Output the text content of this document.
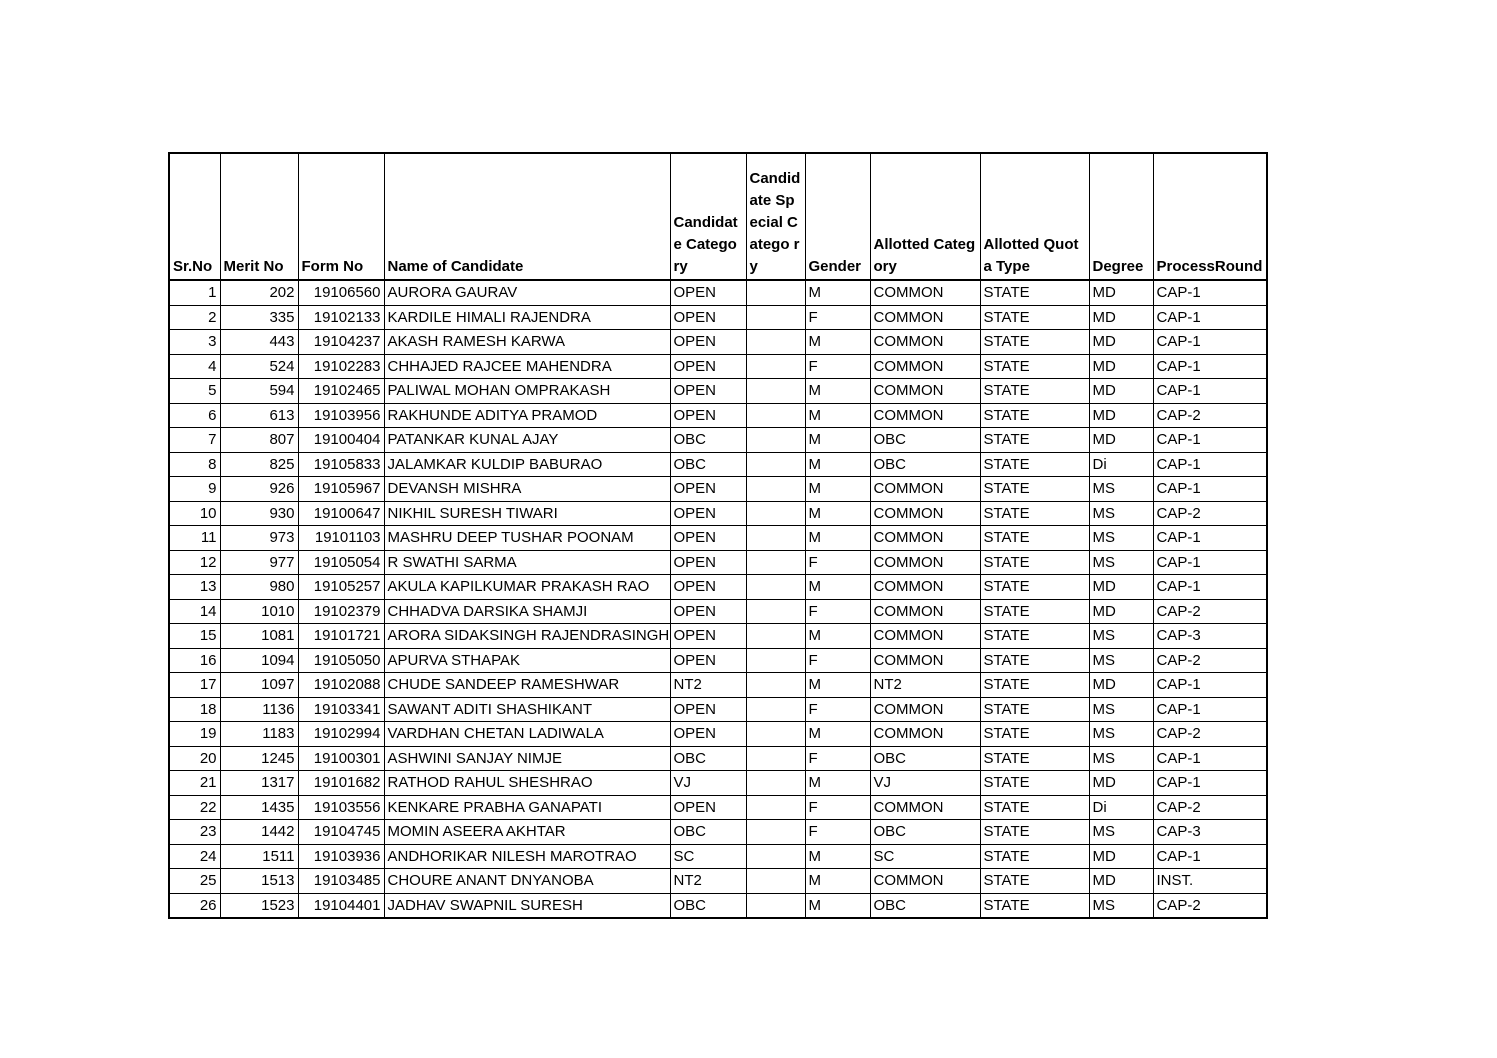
Sr.No	Merit No	Form No	Name of Candidate	Candidat e Category	Candid ate Special Catego ry	Gender	Allotted Category	Allotted Quota Type	Degree	ProcessRound
1	202	19106560	AURORA GAURAV	OPEN		M	COMMON	STATE	MD	CAP-1
2	335	19102133	KARDILE HIMALI RAJENDRA	OPEN		F	COMMON	STATE	MD	CAP-1
3	443	19104237	AKASH RAMESH KARWA	OPEN		M	COMMON	STATE	MD	CAP-1
4	524	19102283	CHHAJED RAJCEE MAHENDRA	OPEN		F	COMMON	STATE	MD	CAP-1
5	594	19102465	PALIWAL MOHAN OMPRAKASH	OPEN		M	COMMON	STATE	MD	CAP-1
6	613	19103956	RAKHUNDE ADITYA PRAMOD	OPEN		M	COMMON	STATE	MD	CAP-2
7	807	19100404	PATANKAR KUNAL AJAY	OBC		M	OBC	STATE	MD	CAP-1
8	825	19105833	JALAMKAR KULDIP BABURAO	OBC		M	OBC	STATE	Di	CAP-1
9	926	19105967	DEVANSH MISHRA	OPEN		M	COMMON	STATE	MS	CAP-1
10	930	19100647	NIKHIL SURESH TIWARI	OPEN		M	COMMON	STATE	MS	CAP-2
11	973	19101103	MASHRU DEEP TUSHAR POONAM	OPEN		M	COMMON	STATE	MS	CAP-1
12	977	19105054	R SWATHI SARMA	OPEN		F	COMMON	STATE	MS	CAP-1
13	980	19105257	AKULA KAPILKUMAR PRAKASH RAO	OPEN		M	COMMON	STATE	MD	CAP-1
14	1010	19102379	CHHADVA DARSIKA SHAMJI	OPEN		F	COMMON	STATE	MD	CAP-2
15	1081	19101721	ARORA SIDAKSINGH RAJENDRASINGH	OPEN		M	COMMON	STATE	MS	CAP-3
16	1094	19105050	APURVA STHAPAK	OPEN		F	COMMON	STATE	MS	CAP-2
17	1097	19102088	CHUDE SANDEEP RAMESHWAR	NT2		M	NT2	STATE	MD	CAP-1
18	1136	19103341	SAWANT ADITI SHASHIKANT	OPEN		F	COMMON	STATE	MS	CAP-1
19	1183	19102994	VARDHAN CHETAN LADIWALA	OPEN		M	COMMON	STATE	MS	CAP-2
20	1245	19100301	ASHWINI SANJAY NIMJE	OBC		F	OBC	STATE	MS	CAP-1
21	1317	19101682	RATHOD RAHUL SHESHRAO	VJ		M	VJ	STATE	MD	CAP-1
22	1435	19103556	KENKARE PRABHA GANAPATI	OPEN		F	COMMON	STATE	Di	CAP-2
23	1442	19104745	MOMIN ASEERA AKHTAR	OBC		F	OBC	STATE	MS	CAP-3
24	1511	19103936	ANDHORIKAR NILESH MAROTRAO	SC		M	SC	STATE	MD	CAP-1
25	1513	19103485	CHOURE ANANT DNYANOBA	NT2		M	COMMON	STATE	MD	INST.
26	1523	19104401	JADHAV SWAPNIL SURESH	OBC		M	OBC	STATE	MS	CAP-2
